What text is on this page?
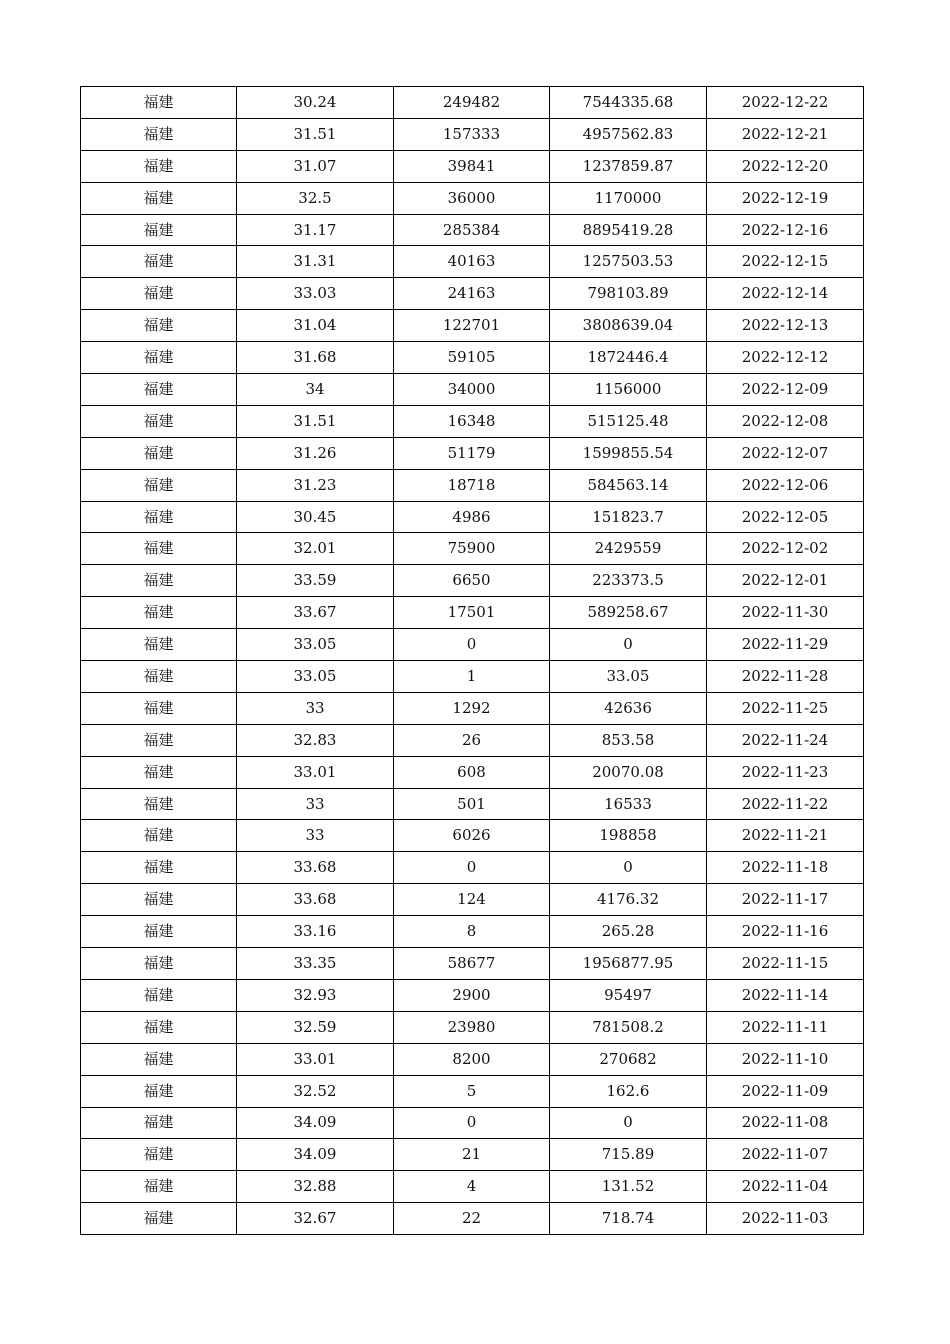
福建	30.24	249482	7544335.68	2022-12-22
福建	31.51	157333	4957562.83	2022-12-21
福建	31.07	39841	1237859.87	2022-12-20
福建	32.5	36000	1170000	2022-12-19
福建	31.17	285384	8895419.28	2022-12-16
福建	31.31	40163	1257503.53	2022-12-15
福建	33.03	24163	798103.89	2022-12-14
福建	31.04	122701	3808639.04	2022-12-13
福建	31.68	59105	1872446.4	2022-12-12
福建	34	34000	1156000	2022-12-09
福建	31.51	16348	515125.48	2022-12-08
福建	31.26	51179	1599855.54	2022-12-07
福建	31.23	18718	584563.14	2022-12-06
福建	30.45	4986	151823.7	2022-12-05
福建	32.01	75900	2429559	2022-12-02
福建	33.59	6650	223373.5	2022-12-01
福建	33.67	17501	589258.67	2022-11-30
福建	33.05	0	0	2022-11-29
福建	33.05	1	33.05	2022-11-28
福建	33	1292	42636	2022-11-25
福建	32.83	26	853.58	2022-11-24
福建	33.01	608	20070.08	2022-11-23
福建	33	501	16533	2022-11-22
福建	33	6026	198858	2022-11-21
福建	33.68	0	0	2022-11-18
福建	33.68	124	4176.32	2022-11-17
福建	33.16	8	265.28	2022-11-16
福建	33.35	58677	1956877.95	2022-11-15
福建	32.93	2900	95497	2022-11-14
福建	32.59	23980	781508.2	2022-11-11
福建	33.01	8200	270682	2022-11-10
福建	32.52	5	162.6	2022-11-09
福建	34.09	0	0	2022-11-08
福建	34.09	21	715.89	2022-11-07
福建	32.88	4	131.52	2022-11-04
福建	32.67	22	718.74	2022-11-03
